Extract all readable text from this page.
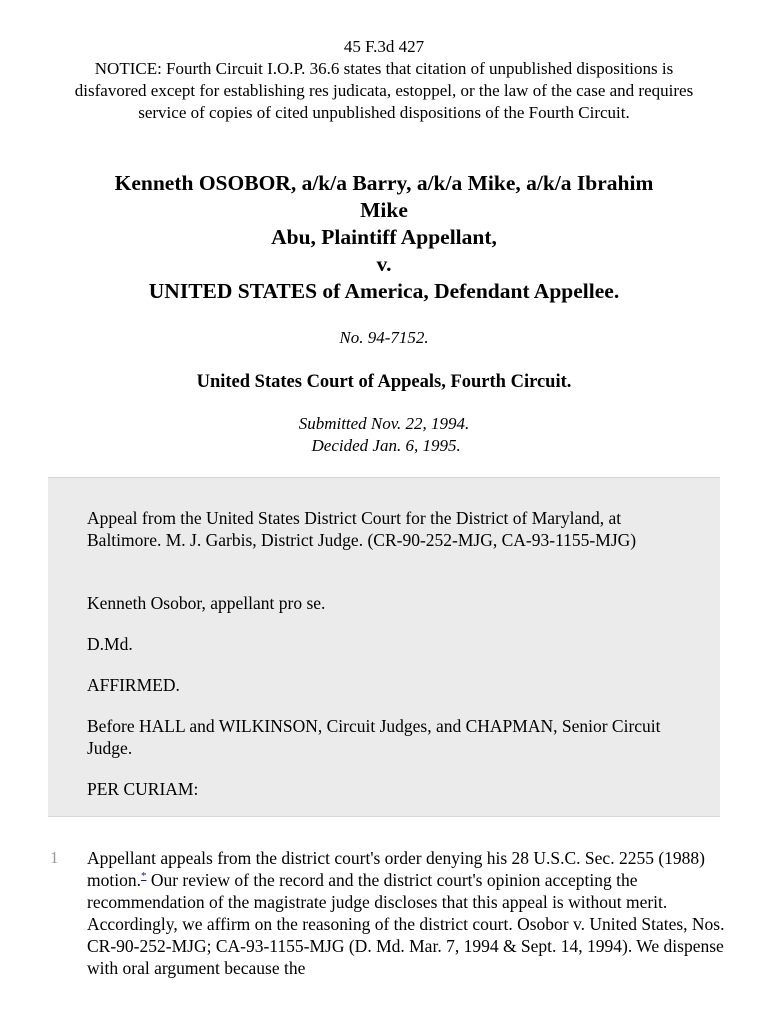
45 F.3d 427
NOTICE: Fourth Circuit I.O.P. 36.6 states that citation of unpublished dispositions is disfavored except for establishing res judicata, estoppel, or the law of the case and requires service of copies of cited unpublished dispositions of the Fourth Circuit.
Kenneth OSOBOR, a/k/a Barry, a/k/a Mike, a/k/a Ibrahim
Mike
Abu, Plaintiff Appellant,
v.
UNITED STATES of America, Defendant Appellee.
No. 94-7152.
United States Court of Appeals, Fourth Circuit.
Submitted Nov. 22, 1994.
Decided Jan. 6, 1995.
Appeal from the United States District Court for the District of Maryland, at Baltimore. M. J. Garbis, District Judge. (CR-90-252-MJG, CA-93-1155-MJG)
Kenneth Osobor, appellant pro se.
D.Md.
AFFIRMED.
Before HALL and WILKINSON, Circuit Judges, and CHAPMAN, Senior Circuit Judge.
PER CURIAM:
1 Appellant appeals from the district court's order denying his 28 U.S.C. Sec. 2255 (1988) motion.* Our review of the record and the district court's opinion accepting the recommendation of the magistrate judge discloses that this appeal is without merit. Accordingly, we affirm on the reasoning of the district court. Osobor v. United States, Nos. CR-90-252-MJG; CA-93-1155-MJG (D. Md. Mar. 7, 1994 & Sept. 14, 1994). We dispense with oral argument because the
